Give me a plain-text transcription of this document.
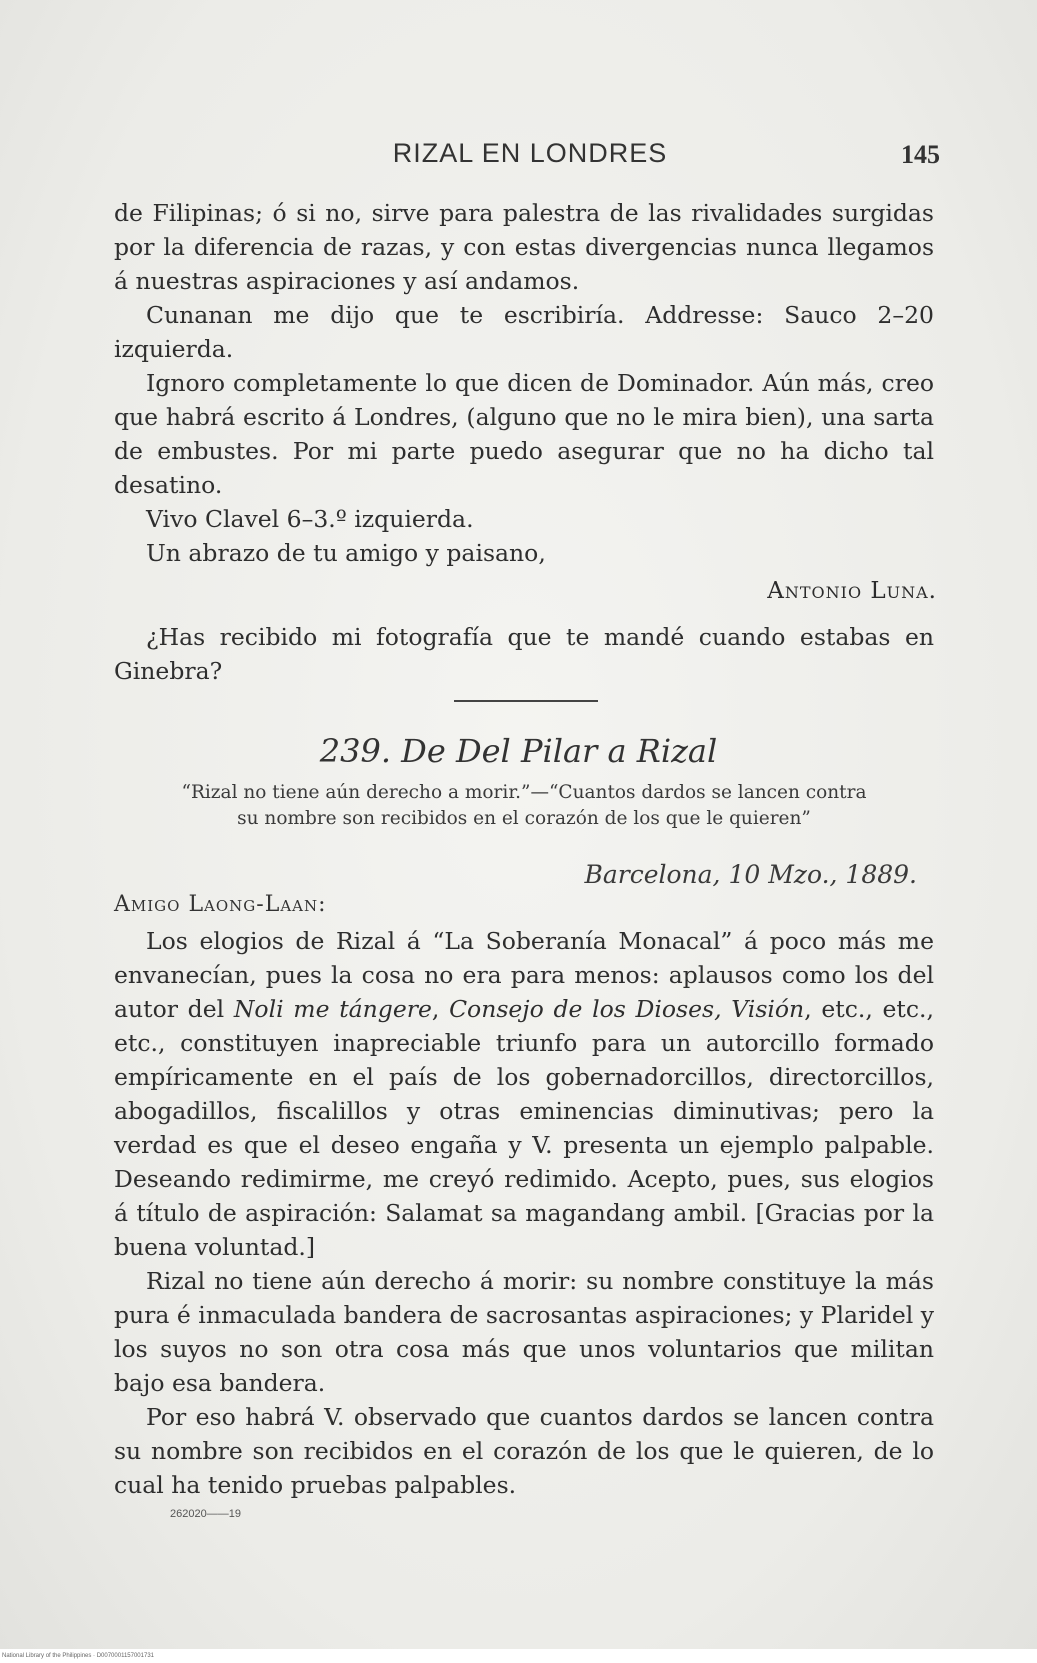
RIZAL EN LONDRES	145

de Filipinas; ó si no, sirve para palestra de las rivalidades surgidas por la diferencia de razas, y con estas divergencias nunca llegamos á nuestras aspiraciones y así andamos.

Cunanan me dijo que te escribiría. Addresse: Sauco 2–20 izquierda.

Ignoro completamente lo que dicen de Dominador. Aún más, creo que habrá escrito á Londres, (alguno que no le mira bien), una sarta de embustes. Por mi parte puedo asegurar que no ha dicho tal desatino.

Vivo Clavel 6–3.º izquierda.

Un abrazo de tu amigo y paisano,

Antonio Luna.

¿Has recibido mi fotografía que te mandé cuando estabas en Ginebra?

239. De Del Pilar a Rizal
“Rizal no tiene aún derecho a morir.”—“Cuantos dardos se lancen contra
su nombre son recibidos en el corazón de los que le quieren”
Barcelona, 10 Mzo., 1889.
Amigo Laong-Laan:

Los elogios de Rizal á “La Soberanía Monacal” á poco más me envanecían, pues la cosa no era para menos: aplausos como los del autor del Noli me tángere, Consejo de los Dioses, Visión, etc., etc., etc., constituyen inapreciable triunfo para un autorcillo formado empíricamente en el país de los gobernadorcillos, directorcillos, abogadillos, fiscalillos y otras eminencias diminutivas; pero la verdad es que el deseo engaña y V. presenta un ejemplo palpable. Deseando redimirme, me creyó redimido. Acepto, pues, sus elogios á título de aspiración: Salamat sa magandang ambil. [Gracias por la buena voluntad.]

Rizal no tiene aún derecho á morir: su nombre constituye la más pura é inmaculada bandera de sacrosantas aspiraciones; y Plaridel y los suyos no son otra cosa más que unos voluntarios que militan bajo esa bandera.

Por eso habrá V. observado que cuantos dardos se lancen contra su nombre son recibidos en el corazón de los que le quieren, de lo cual ha tenido pruebas palpables.

262020——19
National Library of the Philippines · D0070001157001731
